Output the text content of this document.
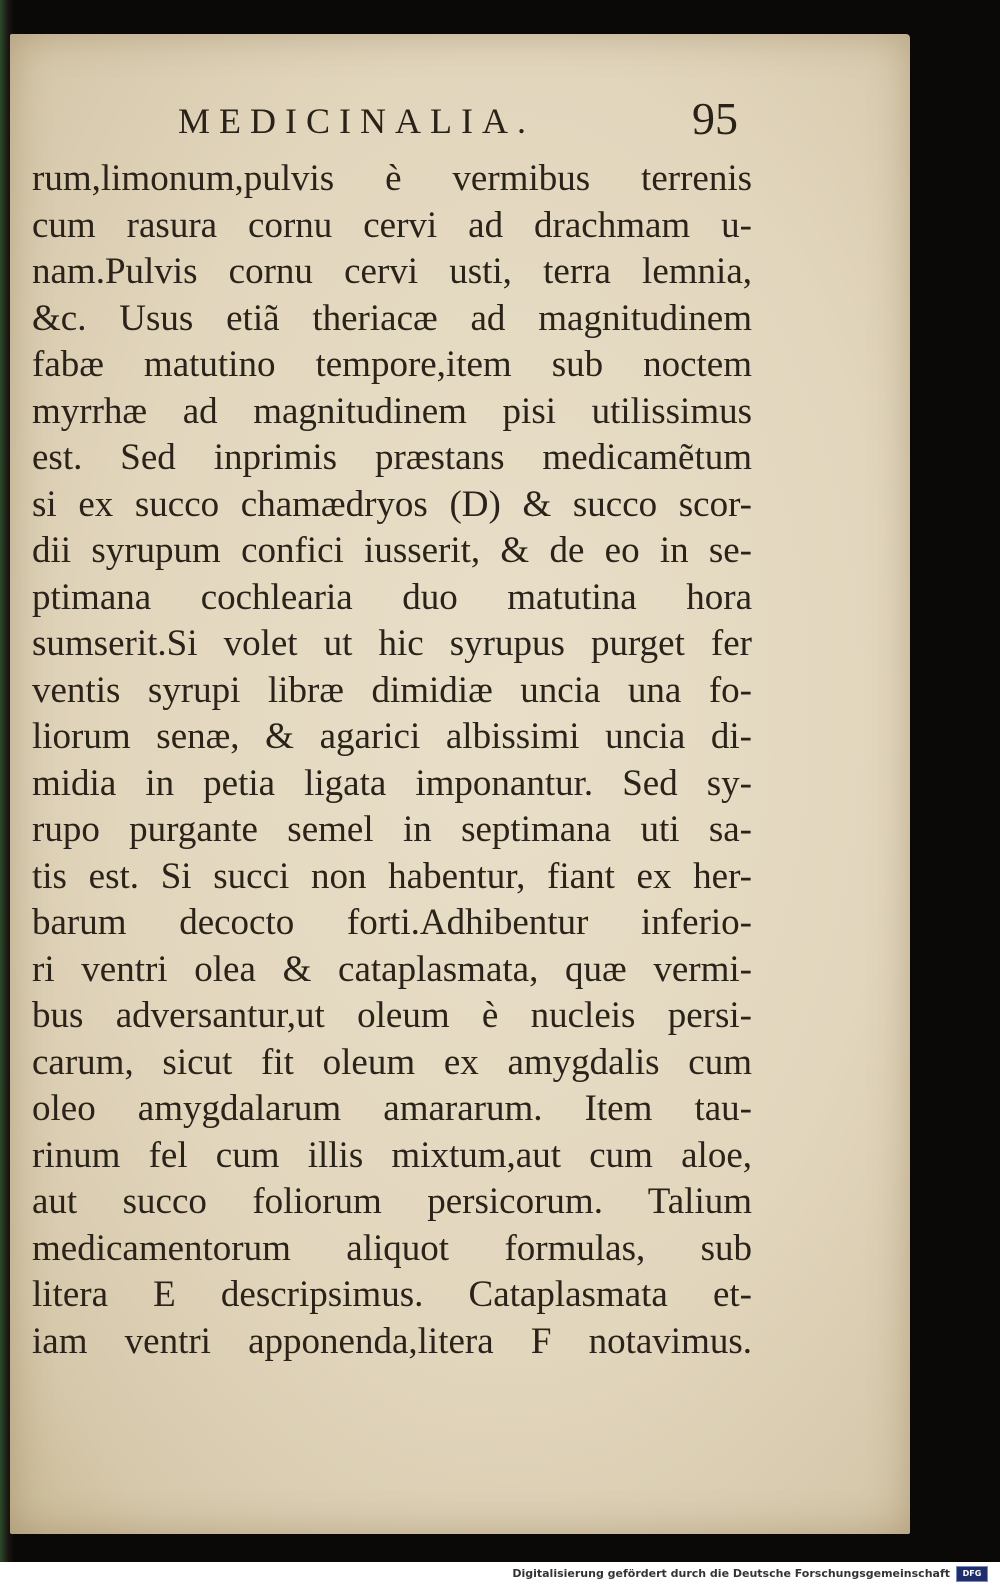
MEDICINALIA.	95
rum,limonum,pulvis è vermibus terrenis
cum rasura cornu cervi ad drachmam u-
nam.Pulvis cornu cervi usti, terra lemnia,
&c. Usus etiã theriacæ ad magnitudinem
fabæ matutino tempore,item sub noctem
myrrhæ ad magnitudinem pisi utilissimus
est. Sed inprimis præstans medicamẽtum
si ex succo chamædryos (D) & succo scor-
dii syrupum confici iusserit, & de eo in se-
ptimana cochlearia duo matutina hora
sumserit.Si volet ut hic syrupus purget fer
ventis syrupi libræ dimidiæ uncia una fo-
liorum senæ, & agarici albissimi uncia di-
midia in petia ligata imponantur. Sed sy-
rupo purgante semel in septimana uti sa-
tis est. Si succi non habentur, fiant ex her-
barum decocto forti.Adhibentur inferio-
ri ventri olea & cataplasmata, quæ vermi-
bus adversantur,ut oleum è nucleis persi-
carum, sicut fit oleum ex amygdalis cum
oleo amygdalarum amararum. Item tau-
rinum fel cum illis mixtum,aut cum aloe,
aut succo foliorum persicorum. Talium
medicamentorum aliquot formulas, sub
litera E descripsimus. Cataplasmata et-
iam ventri apponenda,litera F notavimus.
Digitalisierung gefördert durch die Deutsche Forschungsgemeinschaft	DFG
